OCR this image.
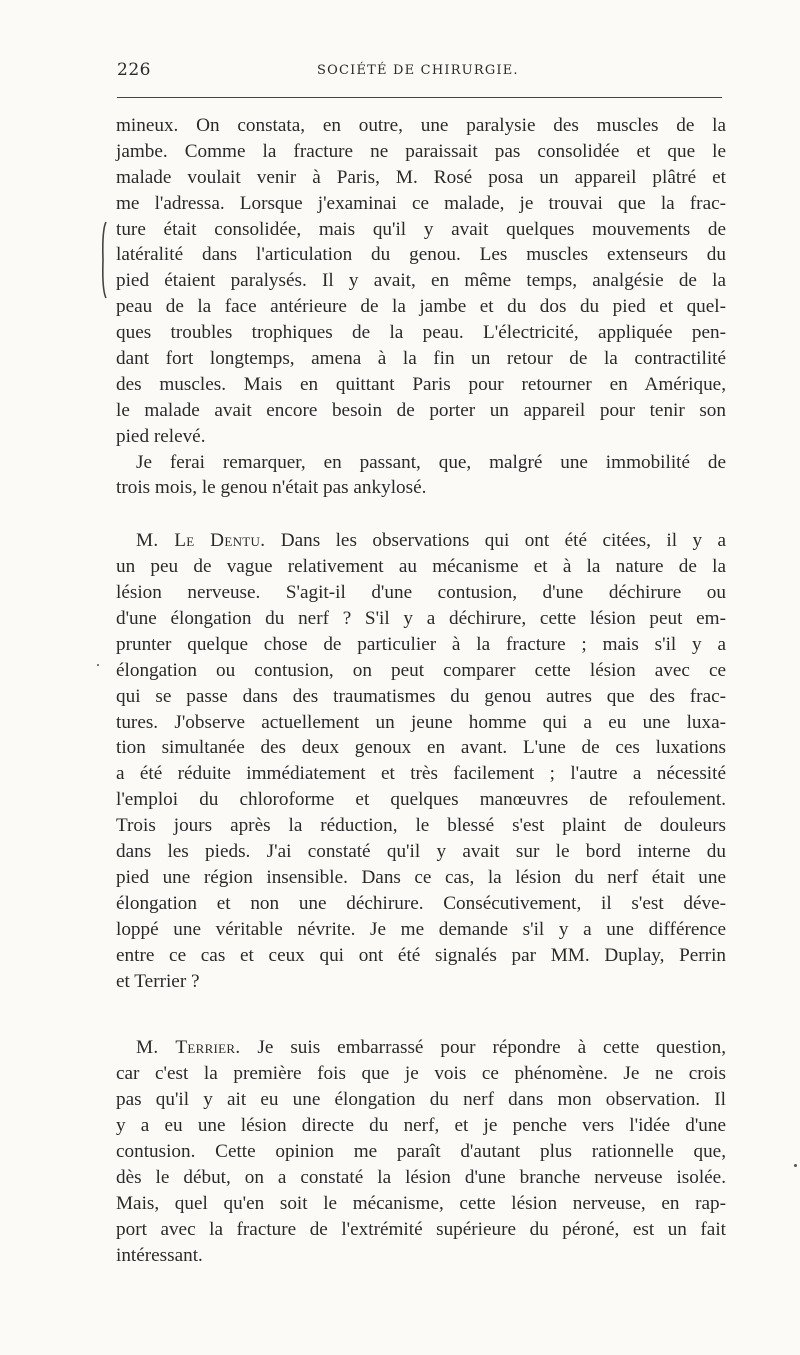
226	SOCIÉTÉ DE CHIRURGIE.
mineux. On constata, en outre, une paralysie des muscles de la
jambe. Comme la fracture ne paraissait pas consolidée et que le
malade voulait venir à Paris, M. Rosé posa un appareil plâtré et
me l'adressa. Lorsque j'examinai ce malade, je trouvai que la frac-
ture était consolidée, mais qu'il y avait quelques mouvements de
latéralité dans l'articulation du genou. Les muscles extenseurs du
pied étaient paralysés. Il y avait, en même temps, analgésie de la
peau de la face antérieure de la jambe et du dos du pied et quel-
ques troubles trophiques de la peau. L'électricité, appliquée pen-
dant fort longtemps, amena à la fin un retour de la contractilité
des muscles. Mais en quittant Paris pour retourner en Amérique,
le malade avait encore besoin de porter un appareil pour tenir son
pied relevé.
Je ferai remarquer, en passant, que, malgré une immobilité de
trois mois, le genou n'était pas ankylosé.
M. Le Dentu. Dans les observations qui ont été citées, il y a
un peu de vague relativement au mécanisme et à la nature de la
lésion nerveuse. S'agit-il d'une contusion, d'une déchirure ou
d'une élongation du nerf ? S'il y a déchirure, cette lésion peut em-
prunter quelque chose de particulier à la fracture ; mais s'il y a
élongation ou contusion, on peut comparer cette lésion avec ce
qui se passe dans des traumatismes du genou autres que des frac-
tures. J'observe actuellement un jeune homme qui a eu une luxa-
tion simultanée des deux genoux en avant. L'une de ces luxations
a été réduite immédiatement et très facilement ; l'autre a nécessité
l'emploi du chloroforme et quelques manœuvres de refoulement.
Trois jours après la réduction, le blessé s'est plaint de douleurs
dans les pieds. J'ai constaté qu'il y avait sur le bord interne du
pied une région insensible. Dans ce cas, la lésion du nerf était une
élongation et non une déchirure. Consécutivement, il s'est déve-
loppé une véritable névrite. Je me demande s'il y a une différence
entre ce cas et ceux qui ont été signalés par MM. Duplay, Perrin
et Terrier ?
M. Terrier. Je suis embarrassé pour répondre à cette question,
car c'est la première fois que je vois ce phénomène. Je ne crois
pas qu'il y ait eu une élongation du nerf dans mon observation. Il
y a eu une lésion directe du nerf, et je penche vers l'idée d'une
contusion. Cette opinion me paraît d'autant plus rationnelle que,
dès le début, on a constaté la lésion d'une branche nerveuse isolée.
Mais, quel qu'en soit le mécanisme, cette lésion nerveuse, en rap-
port avec la fracture de l'extrémité supérieure du péroné, est un fait
intéressant.
